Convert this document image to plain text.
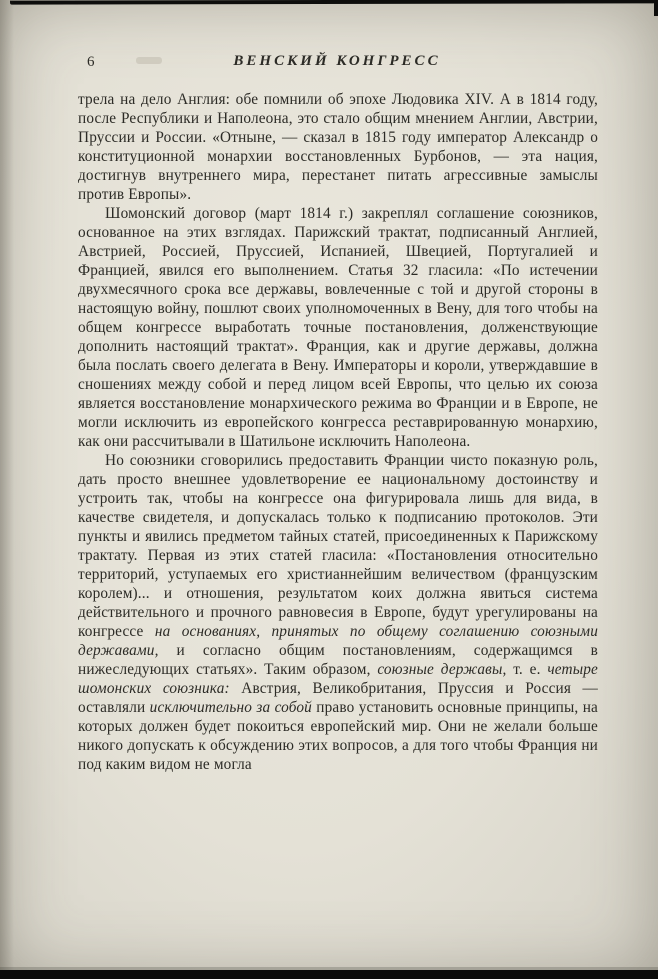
6	ВЕНСКИЙ КОНГРЕСС

трела на дело Англия: обе помнили об эпохе Людовика XIV. А в 1814 году, после Республики и Наполеона, это стало общим мнением Англии, Австрии, Пруссии и России. «Отныне, — сказал в 1815 году император Александр о конституционной монархии восстановленных Бурбонов, — эта нация, достигнув внутреннего мира, перестанет питать агрессивные замыслы против Европы».

Шомонский договор (март 1814 г.) закреплял соглашение союзников, основанное на этих взглядах. Парижский трактат, подписанный Англией, Австрией, Россией, Пруссией, Испанией, Швецией, Португалией и Францией, явился его выполнением. Статья 32 гласила: «По истечении двухмесячного срока все державы, вовлеченные с той и другой стороны в настоящую войну, пошлют своих уполномоченных в Вену, для того чтобы на общем конгрессе выработать точные постановления, долженствующие дополнить настоящий трактат». Франция, как и другие державы, должна была послать своего делегата в Вену. Императоры и короли, утверждавшие в сношениях между собой и перед лицом всей Европы, что целью их союза является восстановление монархического режима во Франции и в Европе, не могли исключить из европейского конгресса реставрированную монархию, как они рассчитывали в Шатильоне исключить Наполеона.

Но союзники сговорились предоставить Франции чисто показную роль, дать просто внешнее удовлетворение ее национальному достоинству и устроить так, чтобы на конгрессе она фигурировала лишь для вида, в качестве свидетеля, и допускалась только к подписанию протоколов. Эти пункты и явились предметом тайных статей, присоединенных к Парижскому трактату. Первая из этих статей гласила: «Постановления относительно территорий, уступаемых его христианнейшим величеством (французским королем)... и отношения, результатом коих должна явиться система действительного и прочного равновесия в Европе, будут урегулированы на конгрессе на основаниях, принятых по общему соглашению союзными державами, и согласно общим постановлениям, содержащимся в нижеследующих статьях». Таким образом, союзные державы, т. е. четыре шомонских союзника: Австрия, Великобритания, Пруссия и Россия — оставляли исключительно за собой право установить основные принципы, на которых должен будет покоиться европейский мир. Они не желали больше никого допускать к обсуждению этих вопросов, а для того чтобы Франция ни под каким видом не могла
